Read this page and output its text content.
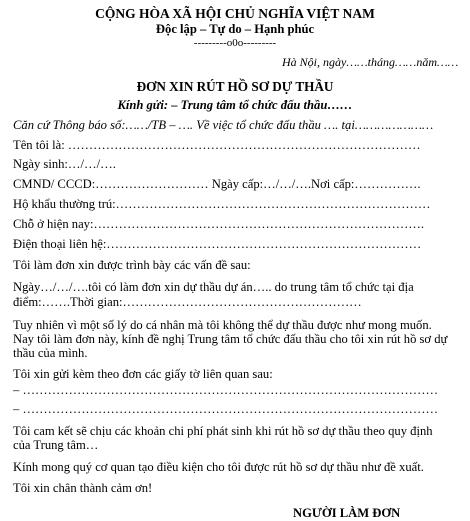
CỘNG HÒA XÃ HỘI CHỦ NGHĨA VIỆT NAM
Độc lập – Tự do – Hạnh phúc
---------o0o---------
Hà Nội, ngày……tháng……năm……
ĐƠN XIN RÚT HỒ SƠ DỰ THẦU
Kính gửi: – Trung tâm tổ chức đấu thầu……
Căn cứ Thông báo số:……/TB – …. Về việc tổ chức đấu thầu …. tại…………………
Tên tôi là: …………………………………………………………………………
Ngày sinh:…/…/….
CMND/ CCCD:……………………… Ngày cấp:…/…/….Nơi cấp:…………….
Hộ khẩu thường trú:…………………………………………………………………
Chỗ ở hiện nay:…………………………………………………………………….
Điện thoại liên hệ:…………………………………………………………………
Tôi làm đơn xin được trình bày các vấn đề sau:
Ngày…/…/….tôi có làm đơn xin dự thầu dự án….. do trung tâm tổ chức tại địa
điểm:…….Thời gian:…………………………………………………
Tuy nhiên vì một số lý do cá nhân mà tôi không thể dự thầu được như mong muốn.
Nay tôi làm đơn này, kính đề nghị Trung tâm tổ chức đấu thầu cho tôi xin rút hồ sơ dự
thầu của mình.
Tôi xin gửi kèm theo đơn các giấy tờ liên quan sau:
– ………………………………………………………………………………………
– ………………………………………………………………………………………
Tôi cam kết sẽ chịu các khoản chi phí phát sinh khi rút hồ sơ dự thầu theo quy định
của Trung tâm…
Kính mong quý cơ quan tạo điều kiện cho tôi được rút hồ sơ dự thầu như đề xuất.
Tôi xin chân thành cảm ơn!
NGƯỜI LÀM ĐƠN
